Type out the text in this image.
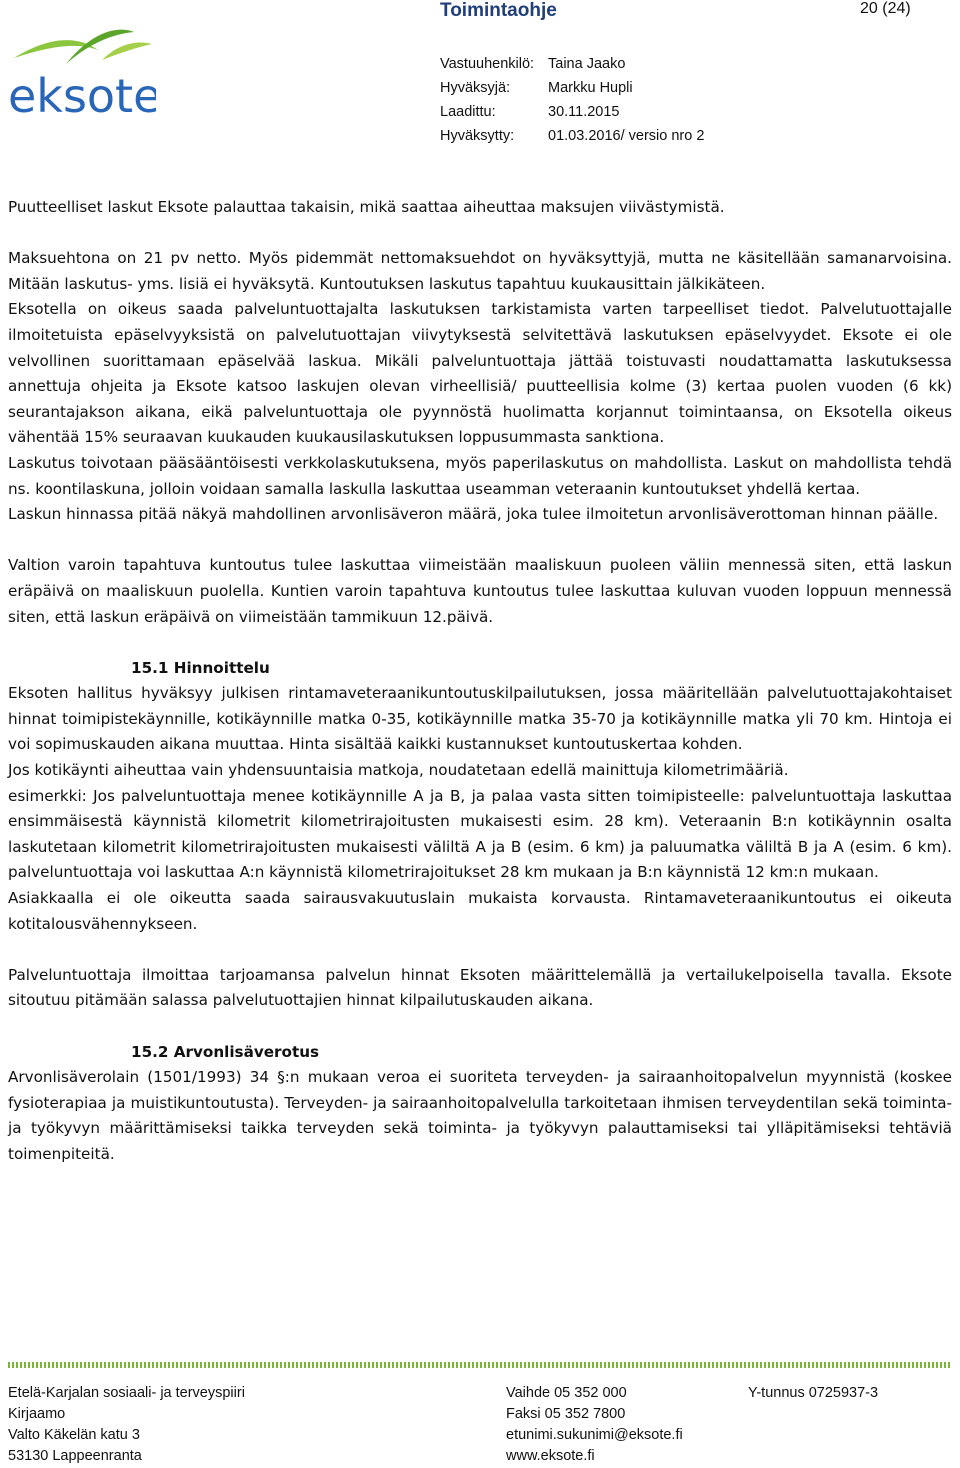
eksote
Toimintaohje	20 (24)
Vastuuhenkilö: Taina Jaako
Hyväksyjä:	Markku Hupli
Laadittu:	30.11.2015
Hyväksytty:	01.03.2016/ versio nro 2

Puutteelliset laskut Eksote palauttaa takaisin, mikä saattaa aiheuttaa maksujen viivästymistä.

Maksuehtona on 21 pv netto. Myös pidemmät nettomaksuehdot on hyväksyttyjä, mutta ne käsitellään samanarvoisina. Mitään laskutus- yms. lisiä ei hyväksytä. Kuntoutuksen laskutus tapahtuu kuukausittain jälkikäteen.

Eksotella on oikeus saada palveluntuottajalta laskutuksen tarkistamista varten tarpeelliset tiedot. Palvelutuottajalle ilmoitetuista epäselvyyksistä on palvelutuottajan viivytyksestä selvitettävä laskutuksen epäselvyydet. Eksote ei ole velvollinen suorittamaan epäselvää laskua. Mikäli palveluntuottaja jättää toistuvasti noudattamatta laskutuksessa annettuja ohjeita ja Eksote katsoo laskujen olevan virheellisiä/ puutteellisia kolme (3) kertaa puolen vuoden (6 kk) seurantajakson aikana, eikä palveluntuottaja ole pyynnöstä huolimatta korjannut toimintaansa, on Eksotella oikeus vähentää 15% seuraavan kuukauden kuukausilaskutuksen loppusummasta sanktiona.

Laskutus toivotaan pääsääntöisesti verkkolaskutuksena, myös paperilaskutus on mahdollista. Laskut on mahdollista tehdä ns. koontilaskuna, jolloin voidaan samalla laskulla laskuttaa useamman veteraanin kuntoutukset yhdellä kertaa.

Laskun hinnassa pitää näkyä mahdollinen arvonlisäveron määrä, joka tulee ilmoitetun arvonlisäverottoman hinnan päälle.

Valtion varoin tapahtuva kuntoutus tulee laskuttaa viimeistään maaliskuun puoleen väliin mennessä siten, että laskun eräpäivä on maaliskuun puolella. Kuntien varoin tapahtuva kuntoutus tulee laskuttaa kuluvan vuoden loppuun mennessä siten, että laskun eräpäivä on viimeistään tammikuun 12.päivä.

15.1 Hinnoittelu

Eksoten hallitus hyväksyy julkisen rintamaveteraanikuntoutuskilpailutuksen, jossa määritellään palvelutuottajakohtaiset hinnat toimipistekäynnille, kotikäynnille matka 0-35, kotikäynnille matka 35-70 ja kotikäynnille matka yli 70 km. Hintoja ei voi sopimuskauden aikana muuttaa. Hinta sisältää kaikki kustannukset kuntoutuskertaa kohden.

Jos kotikäynti aiheuttaa vain yhdensuuntaisia matkoja, noudatetaan edellä mainittuja kilometrimääriä.

esimerkki: Jos palveluntuottaja menee kotikäynnille A ja B, ja palaa vasta sitten toimipisteelle: palveluntuottaja laskuttaa ensimmäisestä käynnistä kilometrit kilometrirajoitusten mukaisesti esim. 28 km). Veteraanin B:n kotikäynnin osalta laskutetaan kilometrit kilometrirajoitusten mukaisesti väliltä A ja B (esim. 6 km) ja paluumatka väliltä B ja A (esim. 6 km). palveluntuottaja voi laskuttaa A:n käynnistä kilometrirajoitukset 28 km mukaan ja B:n käynnistä 12 km:n mukaan.

Asiakkaalla ei ole oikeutta saada sairausvakuutuslain mukaista korvausta. Rintamaveteraanikuntoutus ei oikeuta kotitalousvähennykseen.

Palveluntuottaja ilmoittaa tarjoamansa palvelun hinnat Eksoten määrittelemällä ja vertailukelpoisella tavalla. Eksote sitoutuu pitämään salassa palvelutuottajien hinnat kilpailutuskauden aikana.

15.2 Arvonlisäverotus

Arvonlisäverolain (1501/1993) 34 §:n mukaan veroa ei suoriteta terveyden- ja sairaanhoitopalvelun myynnistä (koskee fysioterapiaa ja muistikuntoutusta). Terveyden- ja sairaanhoitopalvelulla tarkoitetaan ihmisen terveydentilan sekä toiminta- ja työkyvyn määrittämiseksi taikka terveyden sekä toiminta- ja työkyvyn palauttamiseksi tai ylläpitämiseksi tehtäviä toimenpiteitä.

Etelä-Karjalan sosiaali- ja terveyspiiri
Kirjaamo
Valto Käkelän katu 3
53130 Lappeenranta
Vaihde 05 352 000
Faksi 05 352 7800
etunimi.sukunimi@eksote.fi
www.eksote.fi
Y-tunnus 0725937-3
